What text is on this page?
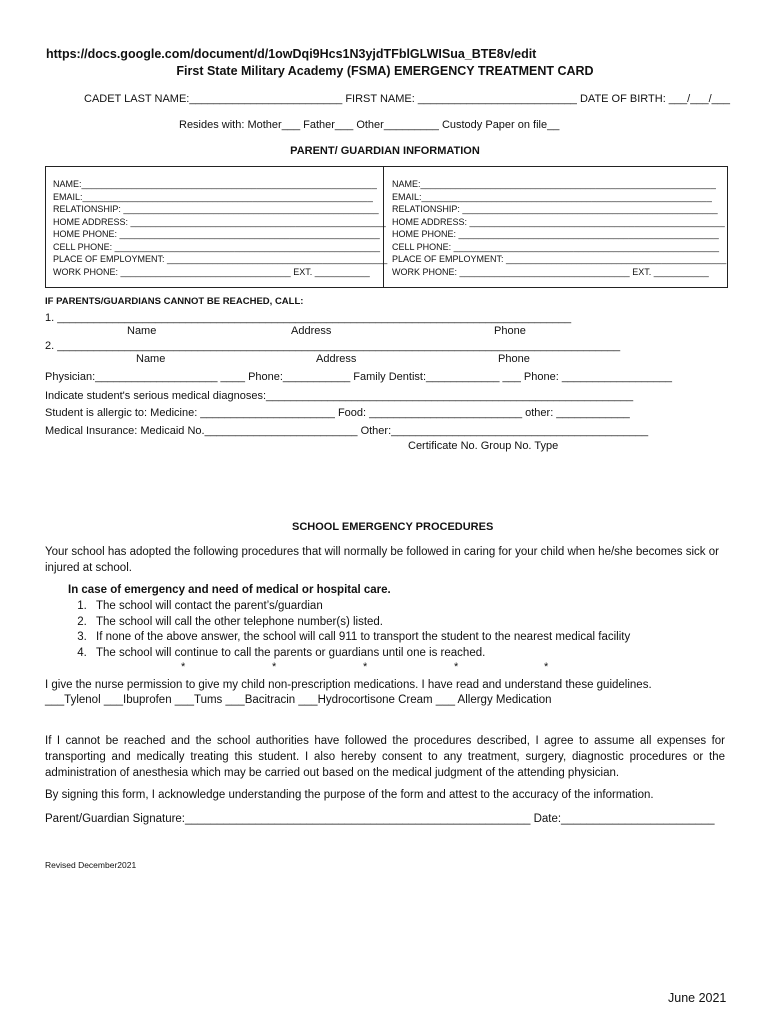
https://docs.google.com/document/d/1owDqi9Hcs1N3yjdTFblGLWISua_BTE8v/edit
First State Military Academy (FSMA) EMERGENCY TREATMENT CARD
CADET LAST NAME:_________________________ FIRST NAME: __________________________ DATE OF BIRTH: ___/___/___
Resides with: Mother___ Father___ Other_________ Custody Paper on file__
PARENT/ GUARDIAN INFORMATION
NAME:___________________________________________________________
EMAIL:__________________________________________________________
RELATIONSHIP: ___________________________________________________
HOME ADDRESS: ___________________________________________________
HOME PHONE: ____________________________________________________
CELL PHONE: _____________________________________________________
PLACE OF EMPLOYMENT: ____________________________________________
WORK PHONE: __________________________________ EXT. ___________
NAME:___________________________________________________________
EMAIL:__________________________________________________________
RELATIONSHIP: ___________________________________________________
HOME ADDRESS: ___________________________________________________
HOME PHONE: ____________________________________________________
CELL PHONE: _____________________________________________________
PLACE OF EMPLOYMENT: ____________________________________________
WORK PHONE: __________________________________ EXT. ___________
IF PARENTS/GUARDIANS CANNOT BE REACHED, CALL:
1. ____________________________________________________________________________________
Name	Address	Phone
2. ____________________________________________________________________________________________
Name	Address	Phone
Physician:____________________ ____ Phone:___________ Family Dentist:____________ ___ Phone: __________________
Indicate student's serious medical diagnoses:____________________________________________________________
Student is allergic to: Medicine: ______________________ Food: _________________________ other: ____________
Medical Insurance: Medicaid No._________________________ Other:__________________________________________
Certificate No. Group No. Type
SCHOOL EMERGENCY PROCEDURES
Your school has adopted the following procedures that will normally be followed in caring for your child when he/she becomes sick or injured at school.
In case of emergency and need of medical or hospital care.
1. The school will contact the parent’s/guardian
2. The school will call the other telephone number(s) listed.
3. If none of the above answer, the school will call 911 to transport the student to the nearest medical facility
4. The school will continue to call the parents or guardians until one is reached.
*	*	*	*	*
I give the nurse permission to give my child non-prescription medications. I have read and understand these guidelines.
___Tylenol ___Ibuprofen ___Tums ___Bacitracin ___Hydrocortisone Cream ___ Allergy Medication
If I cannot be reached and the school authorities have followed the procedures described, I agree to assume all expenses for transporting and medically treating this student. I also hereby consent to any treatment, surgery, diagnostic procedures or the administration of anesthesia which may be carried out based on the medical judgment of the attending physician.
By signing this form, I acknowledge understanding the purpose of the form and attest to the accuracy of the information.
Parent/Guardian Signature:______________________________________________________ Date:________________________
Revised December2021
June 2021
